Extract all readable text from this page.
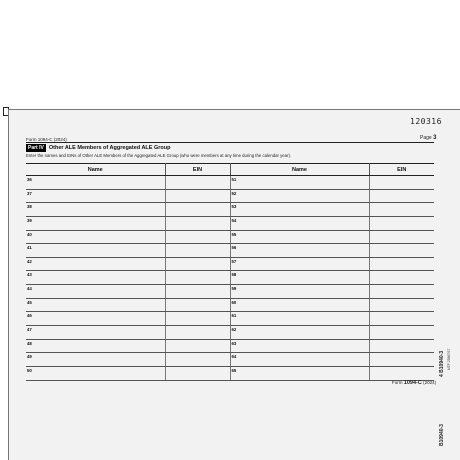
120316
Form 1094-C (2024)	Page 3
Part IV Other ALE Members of Aggregated ALE Group
Enter the names and EINs of Other ALE Members of the Aggregated ALE Group (who were members at any time during the calendar year).
Name	EIN	Name	EIN
36		51	
37		52	
38		53	
39		54	
40		55	
41		56	
42		57	
43		58	
44		59	
45		60	
46		61	
47		62	
48		63	
49		64	
50		65	
Form 1094-C (2024)
4 B10940-3 NTF 2586767
B10940-3
